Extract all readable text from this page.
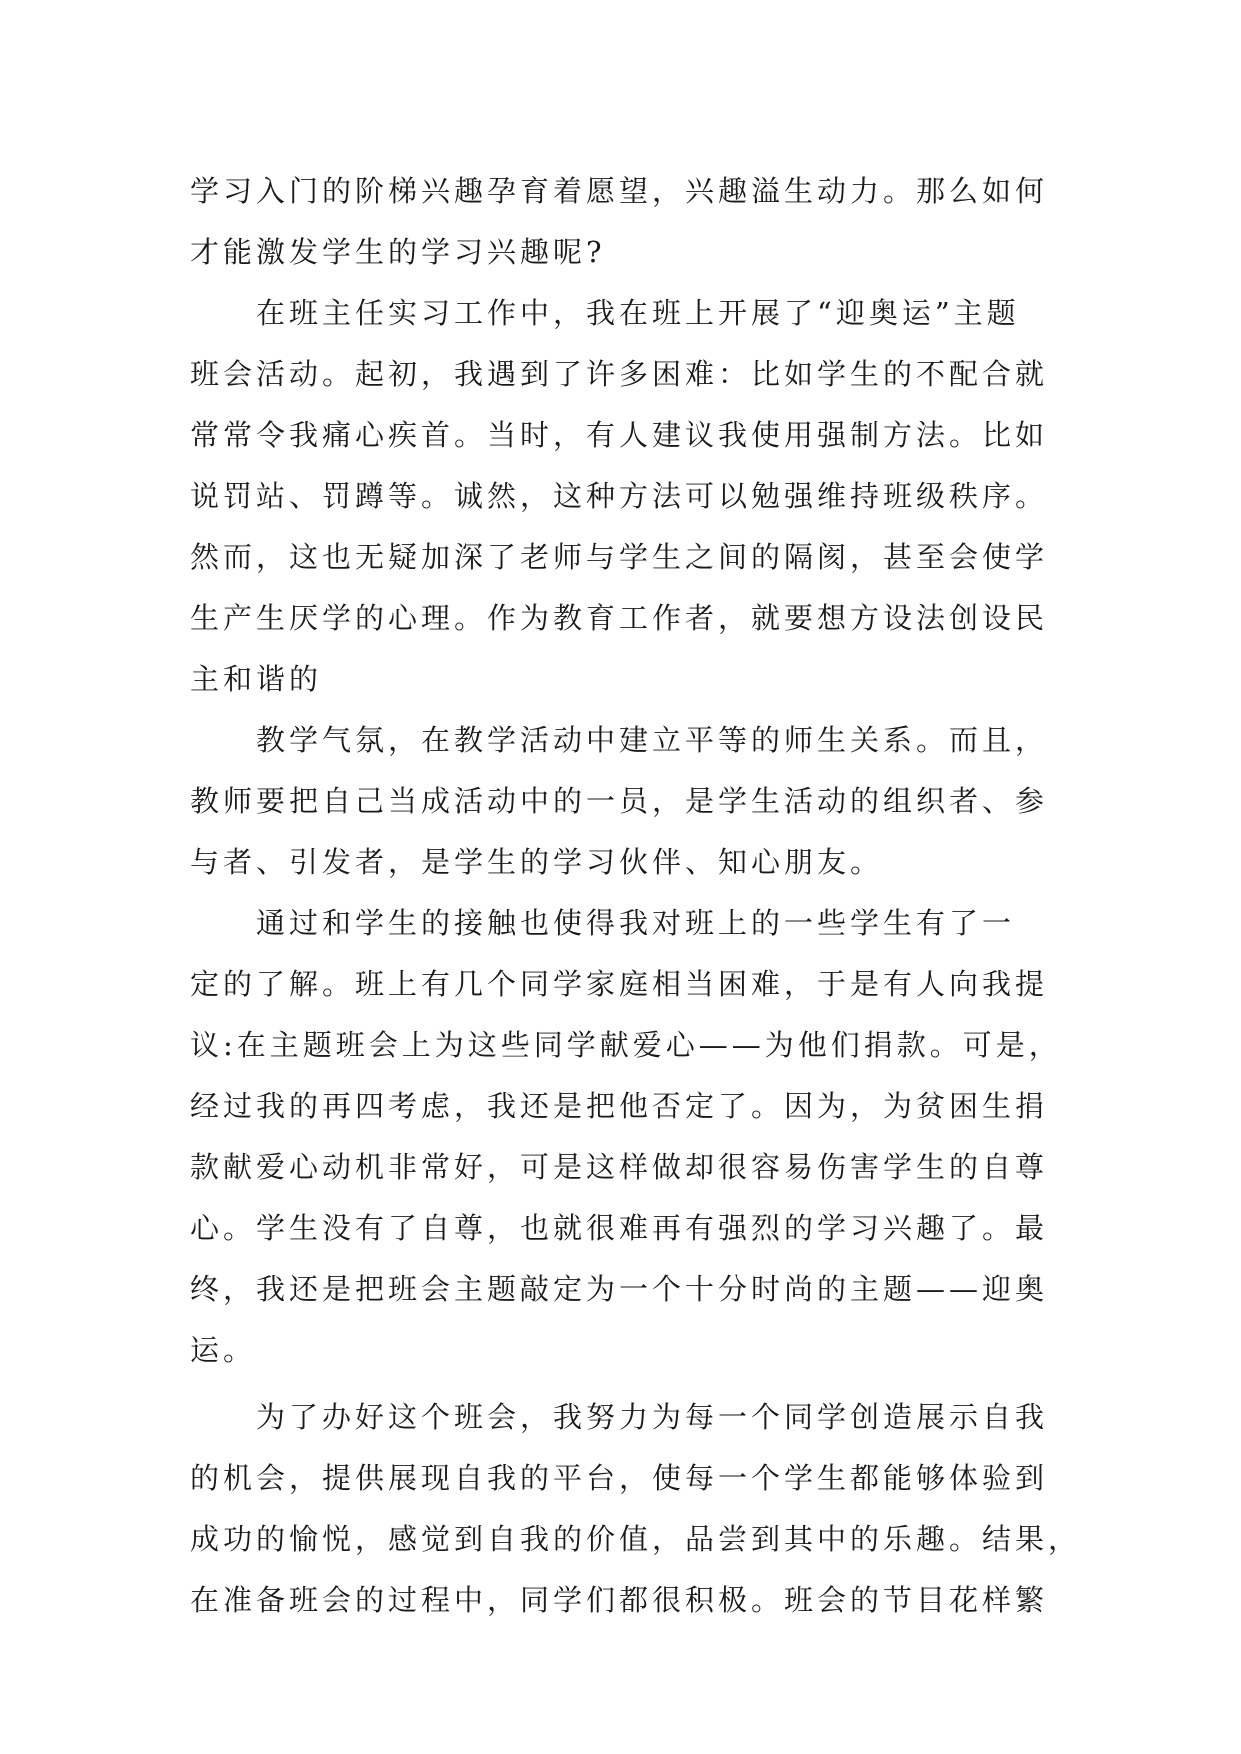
学习入门的阶梯兴趣孕育着愿望，兴趣溢生动力。那么如何
才能激发学生的学习兴趣呢?
在班主任实习工作中，我在班上开展了“迎奥运”主题
班会活动。起初，我遇到了许多困难：比如学生的不配合就
常常令我痛心疾首。当时，有人建议我使用强制方法。比如
说罚站、罚蹲等。诚然，这种方法可以勉强维持班级秩序。
然而，这也无疑加深了老师与学生之间的隔阂，甚至会使学
生产生厌学的心理。作为教育工作者，就要想方设法创设民
主和谐的
教学气氛，在教学活动中建立平等的师生关系。而且，
教师要把自己当成活动中的一员，是学生活动的组织者、参
与者、引发者，是学生的学习伙伴、知心朋友。
通过和学生的接触也使得我对班上的一些学生有了一
定的了解。班上有几个同学家庭相当困难，于是有人向我提
议:在主题班会上为这些同学献爱心——为他们捐款。可是，
经过我的再四考虑，我还是把他否定了。因为，为贫困生捐
款献爱心动机非常好，可是这样做却很容易伤害学生的自尊
心。学生没有了自尊，也就很难再有强烈的学习兴趣了。最
终，我还是把班会主题敲定为一个十分时尚的主题——迎奥
运。
为了办好这个班会，我努力为每一个同学创造展示自我
的机会，提供展现自我的平台，使每一个学生都能够体验到
成功的愉悦，感觉到自我的价值，品尝到其中的乐趣。结果，
在准备班会的过程中，同学们都很积极。班会的节目花样繁
